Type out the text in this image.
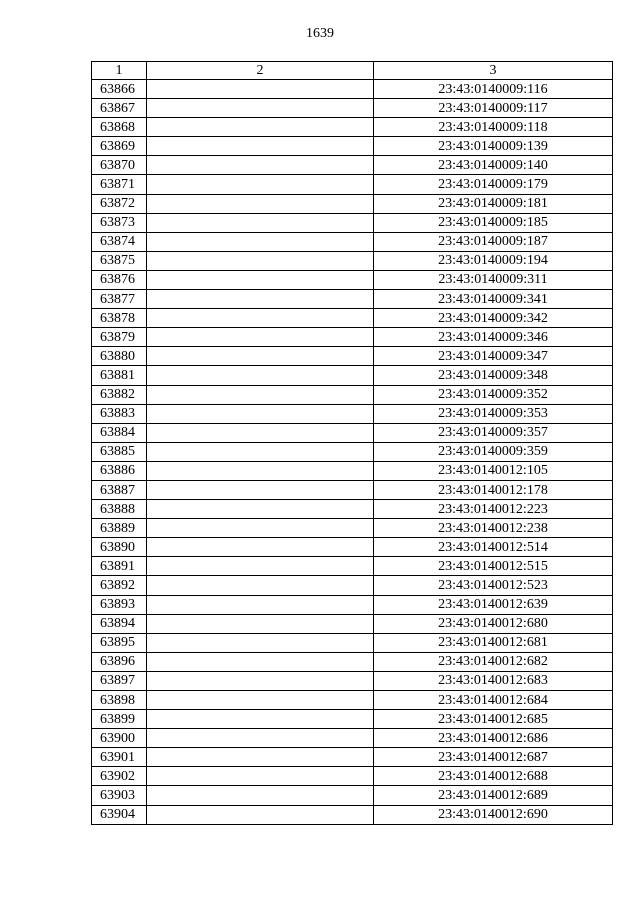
1639
1	2	3
63866		23:43:0140009:116
63867		23:43:0140009:117
63868		23:43:0140009:118
63869		23:43:0140009:139
63870		23:43:0140009:140
63871		23:43:0140009:179
63872		23:43:0140009:181
63873		23:43:0140009:185
63874		23:43:0140009:187
63875		23:43:0140009:194
63876		23:43:0140009:311
63877		23:43:0140009:341
63878		23:43:0140009:342
63879		23:43:0140009:346
63880		23:43:0140009:347
63881		23:43:0140009:348
63882		23:43:0140009:352
63883		23:43:0140009:353
63884		23:43:0140009:357
63885		23:43:0140009:359
63886		23:43:0140012:105
63887		23:43:0140012:178
63888		23:43:0140012:223
63889		23:43:0140012:238
63890		23:43:0140012:514
63891		23:43:0140012:515
63892		23:43:0140012:523
63893		23:43:0140012:639
63894		23:43:0140012:680
63895		23:43:0140012:681
63896		23:43:0140012:682
63897		23:43:0140012:683
63898		23:43:0140012:684
63899		23:43:0140012:685
63900		23:43:0140012:686
63901		23:43:0140012:687
63902		23:43:0140012:688
63903		23:43:0140012:689
63904		23:43:0140012:690
